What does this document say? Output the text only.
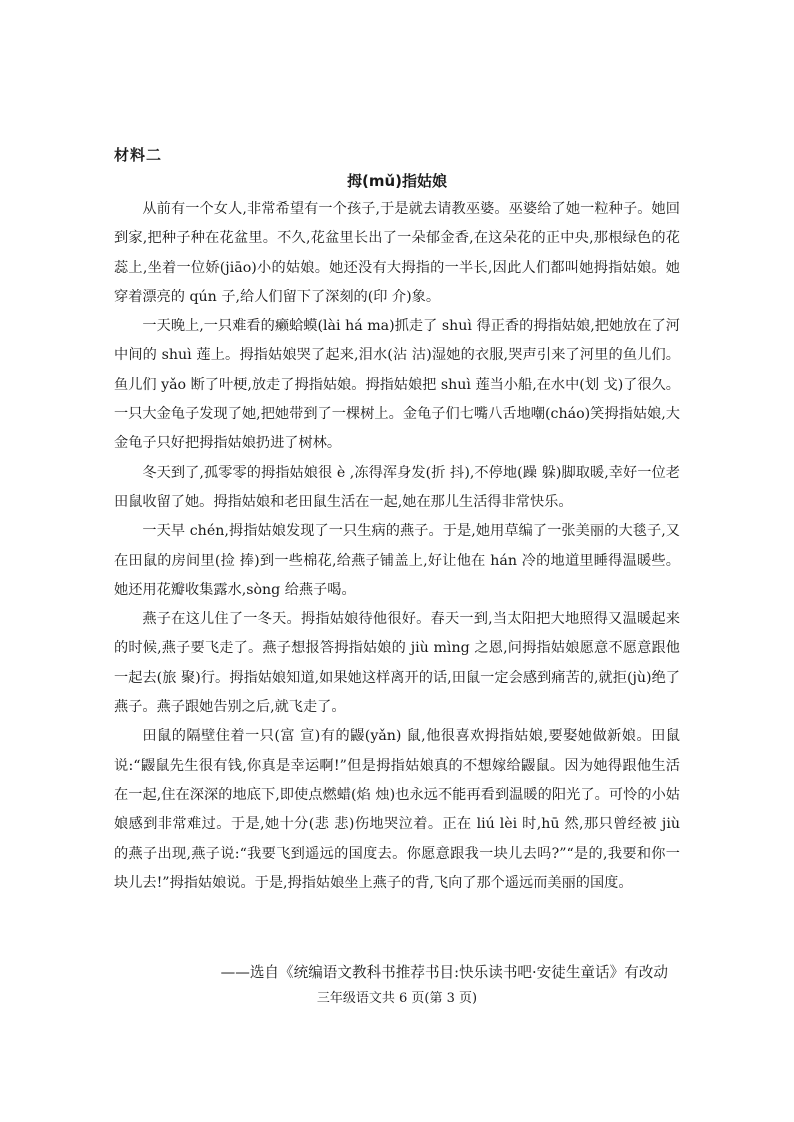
材料二
拇(mǔ)指姑娘

从前有一个女人,非常希望有一个孩子,于是就去请教巫婆。巫婆给了她一粒种子。她回到家,把种子种在花盆里。不久,花盆里长出了一朵郁金香,在这朵花的正中央,那根绿色的花蕊上,坐着一位娇(jiāo)小的姑娘。她还没有大拇指的一半长,因此人们都叫她拇指姑娘。她穿着漂亮的 qún 子,给人们留下了深刻的(印 介)象。

一天晚上,一只难看的癞蛤蟆(lài há ma)抓走了 shuì 得正香的拇指姑娘,把她放在了河中间的 shuì 莲上。拇指姑娘哭了起来,泪水(沾 沽)湿她的衣服,哭声引来了河里的鱼儿们。鱼儿们 yǎo 断了叶梗,放走了拇指姑娘。拇指姑娘把 shuì 莲当小船,在水中(划 戈)了很久。一只大金龟子发现了她,把她带到了一棵树上。金龟子们七嘴八舌地嘲(cháo)笑拇指姑娘,大金龟子只好把拇指姑娘扔进了树林。

冬天到了,孤零零的拇指姑娘很 è ,冻得浑身发(折 抖),不停地(躁 躲)脚取暖,幸好一位老田鼠收留了她。拇指姑娘和老田鼠生活在一起,她在那儿生活得非常快乐。

一天早 chén,拇指姑娘发现了一只生病的燕子。于是,她用草编了一张美丽的大毯子,又在田鼠的房间里(捡 捧)到一些棉花,给燕子铺盖上,好让他在 hán 冷的地道里睡得温暖些。她还用花瓣收集露水,sòng 给燕子喝。

燕子在这儿住了一冬天。拇指姑娘待他很好。春天一到,当太阳把大地照得又温暖起来的时候,燕子要飞走了。燕子想报答拇指姑娘的 jiù mìng 之恩,问拇指姑娘愿意不愿意跟他一起去(旅 聚)行。拇指姑娘知道,如果她这样离开的话,田鼠一定会感到痛苦的,就拒(jù)绝了燕子。燕子跟她告别之后,就飞走了。

田鼠的隔壁住着一只(富 宣)有的鼹(yǎn) 鼠,他很喜欢拇指姑娘,要娶她做新娘。田鼠说:“鼹鼠先生很有钱,你真是幸运啊!”但是拇指姑娘真的不想嫁给鼹鼠。因为她得跟他生活在一起,住在深深的地底下,即使点燃蜡(焰 烛)也永远不能再看到温暖的阳光了。可怜的小姑娘感到非常难过。于是,她十分(悲 悲)伤地哭泣着。正在 liú lèi 时,hū 然,那只曾经被 jiù 的燕子出现,燕子说:“我要飞到遥远的国度去。你愿意跟我一块儿去吗?”“是的,我要和你一块儿去!”拇指姑娘说。于是,拇指姑娘坐上燕子的背,飞向了那个遥远而美丽的国度。

——选自《统编语文教科书推荐书目:快乐读书吧·安徒生童话》有改动
三年级语文共 6 页(第 3 页)
